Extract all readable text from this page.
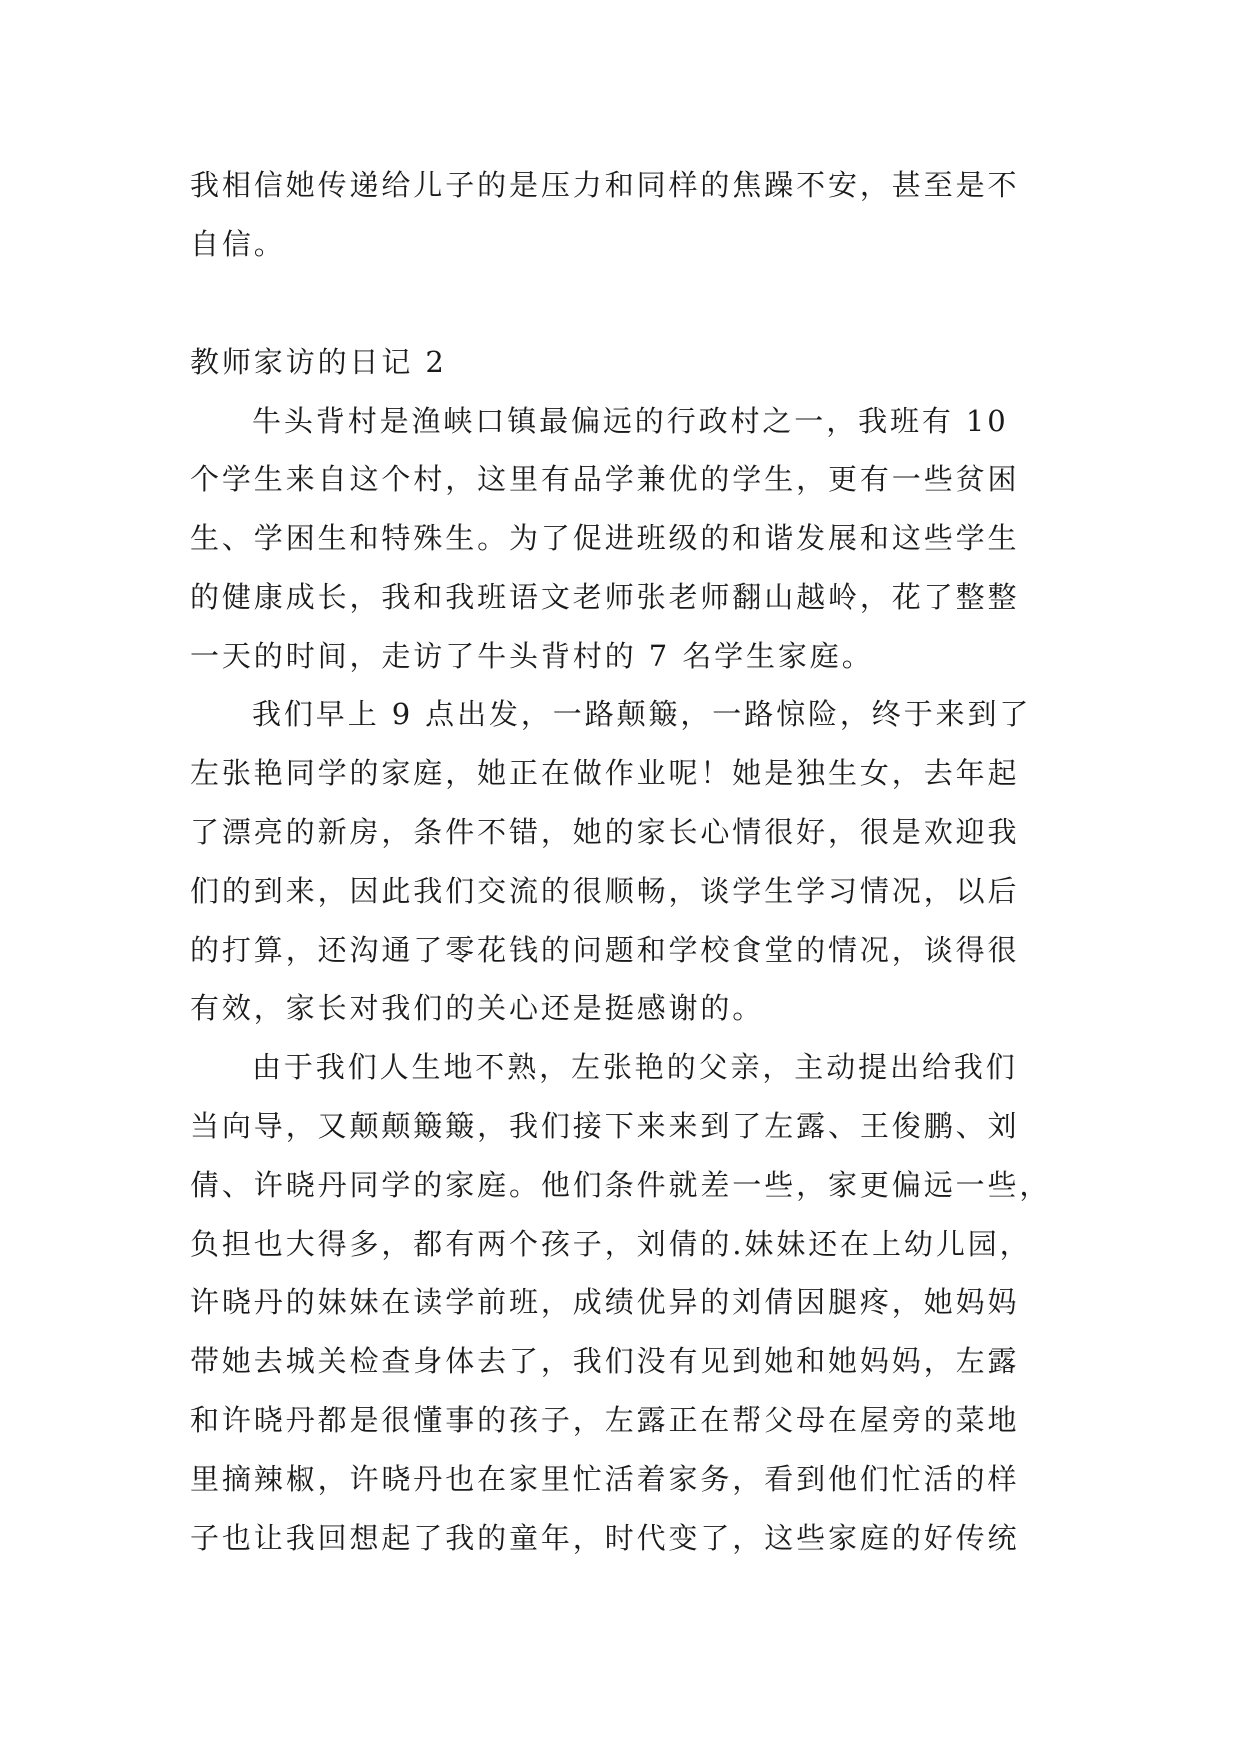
我相信她传递给儿子的是压力和同样的焦躁不安，甚至是不
自信。
教师家访的日记 2
牛头背村是渔峡口镇最偏远的行政村之一，我班有 10
个学生来自这个村，这里有品学兼优的学生，更有一些贫困
生、学困生和特殊生。为了促进班级的和谐发展和这些学生
的健康成长，我和我班语文老师张老师翻山越岭，花了整整
一天的时间，走访了牛头背村的 7 名学生家庭。
我们早上 9 点出发，一路颠簸，一路惊险，终于来到了
左张艳同学的家庭，她正在做作业呢！她是独生女，去年起
了漂亮的新房，条件不错，她的家长心情很好，很是欢迎我
们的到来，因此我们交流的很顺畅，谈学生学习情况，以后
的打算，还沟通了零花钱的问题和学校食堂的情况，谈得很
有效，家长对我们的关心还是挺感谢的。
由于我们人生地不熟，左张艳的父亲，主动提出给我们
当向导，又颠颠簸簸，我们接下来来到了左露、王俊鹏、刘
倩、许晓丹同学的家庭。他们条件就差一些，家更偏远一些，
负担也大得多，都有两个孩子，刘倩的.妹妹还在上幼儿园，
许晓丹的妹妹在读学前班，成绩优异的刘倩因腿疼，她妈妈
带她去城关检查身体去了，我们没有见到她和她妈妈，左露
和许晓丹都是很懂事的孩子，左露正在帮父母在屋旁的菜地
里摘辣椒，许晓丹也在家里忙活着家务，看到他们忙活的样
子也让我回想起了我的童年，时代变了，这些家庭的好传统
